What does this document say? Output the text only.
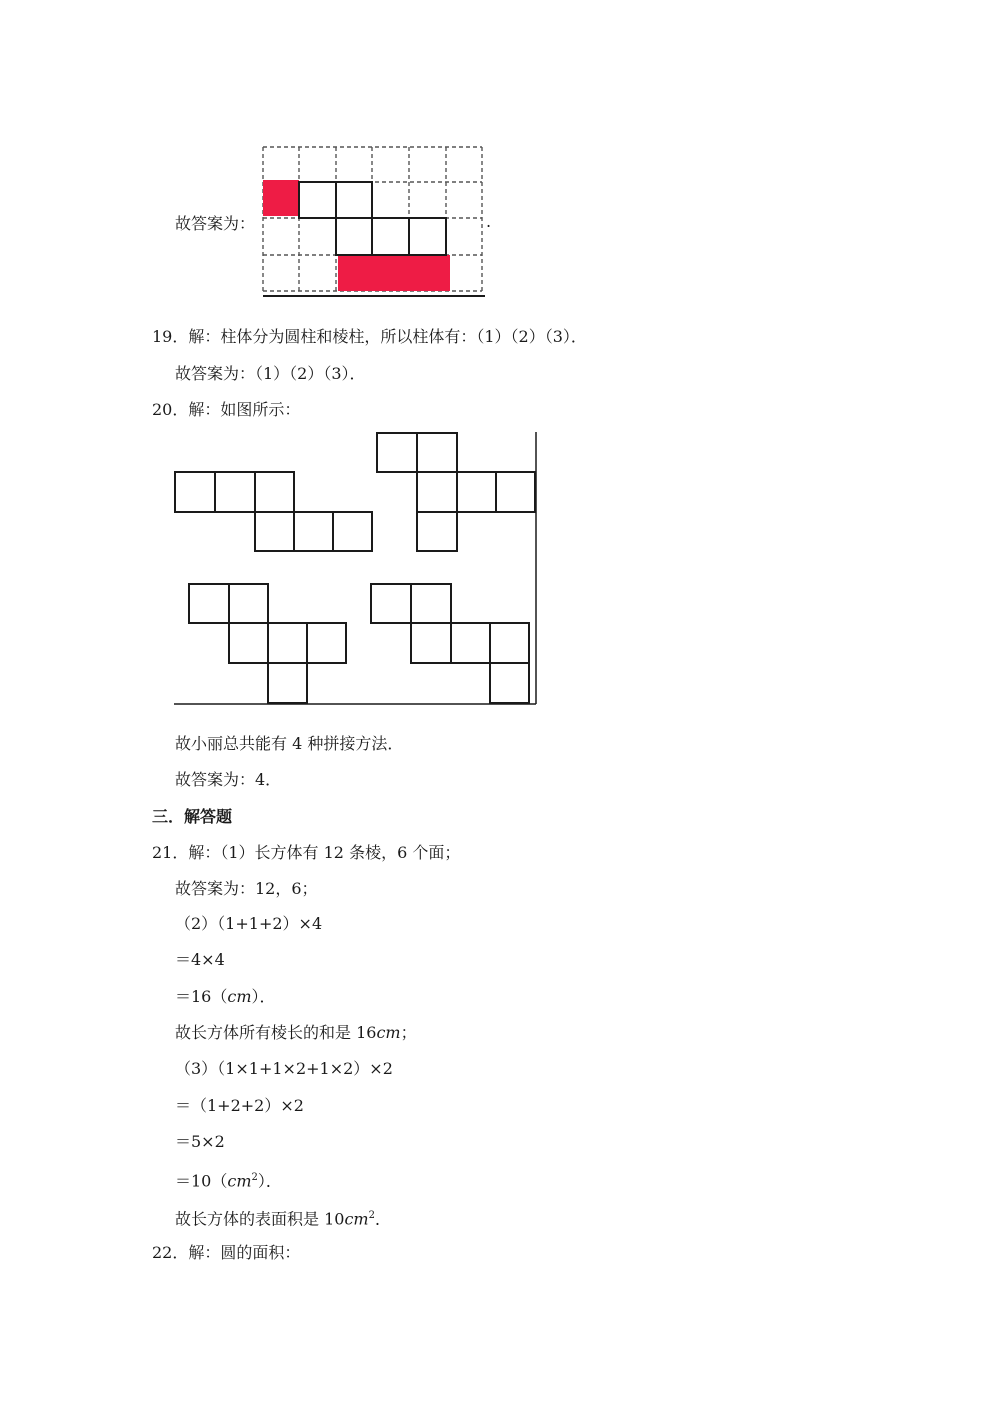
故答案为：	.
19．解：柱体分为圆柱和棱柱，所以柱体有：（1）（2）（3）．
故答案为：（1）（2）（3）．
20．解：如图所示：
故小丽总共能有 4 种拼接方法．
故答案为：4．
三．解答题
21．解：（1）长方体有 12 条棱，6 个面；
故答案为：12，6；
（2）（1+1+2）×4
＝4×4
＝16（cm）．
故长方体所有棱长的和是 16cm；
（3）（1×1+1×2+1×2）×2
＝（1+2+2）×2
＝5×2
$=10(cm^2)$．
故长方体的表面积是 $10cm^2$．
22．解：圆的面积：
